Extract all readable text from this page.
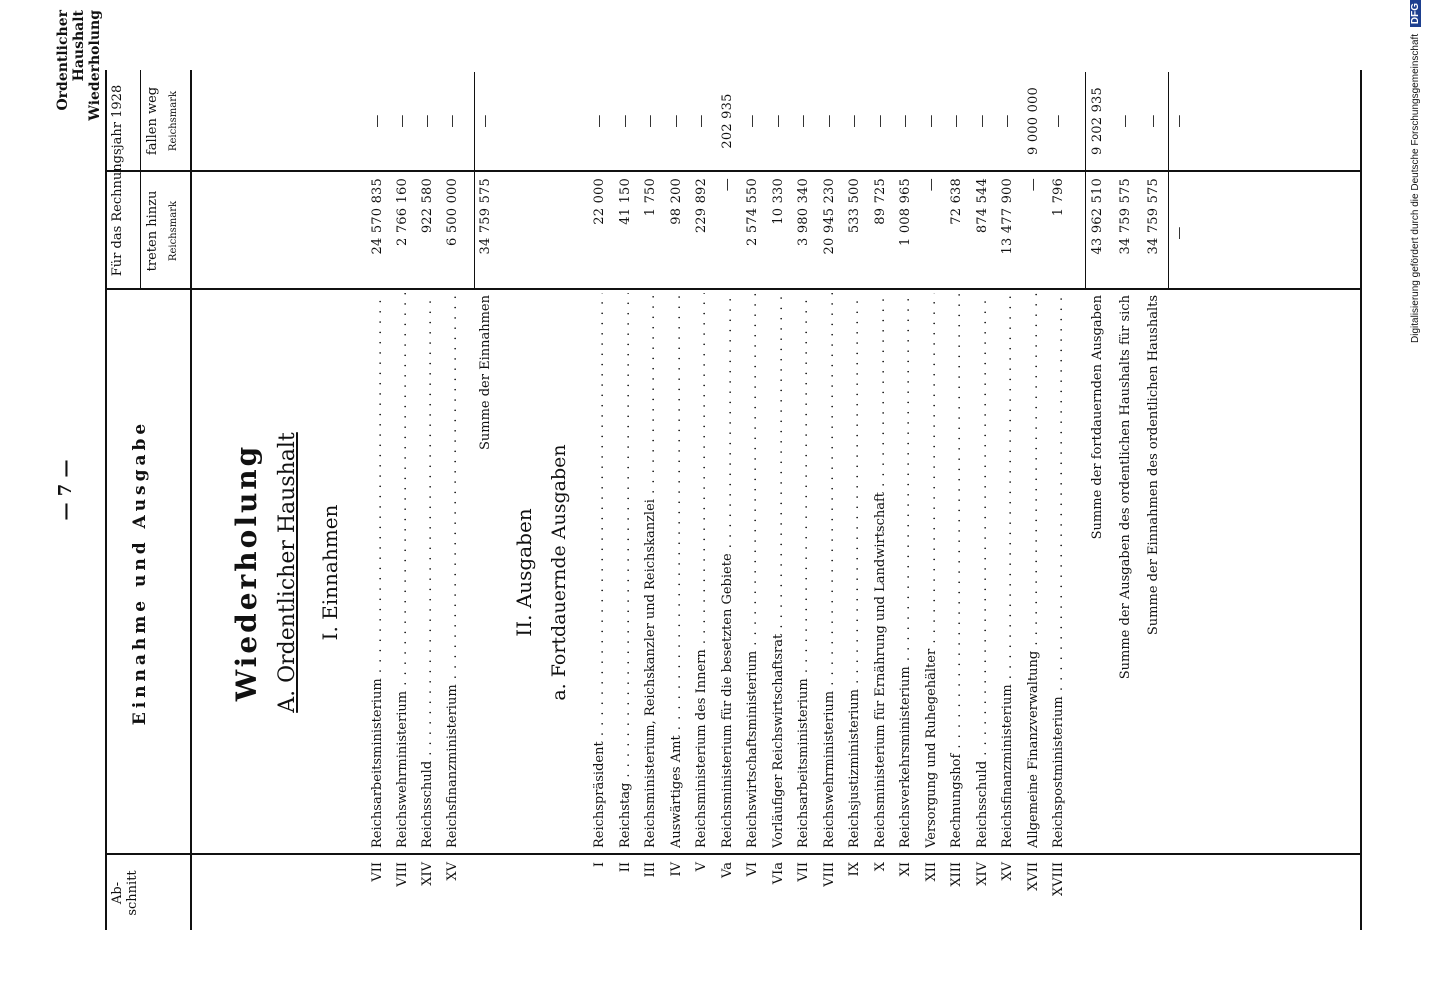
Ordentlicher Haushalt Wiederholung
— 7 —
Ab-
schnitt
Einnahme und Ausgabe
Für das Rechnungsjahr 1928 treten hinzu
fallen weg
Reichsmark
Reichsmark
Wiederholung A. Ordentlicher Haushalt I. Einnahmen
VII
Reichsarbeitsministerium . . .
24 570 835
—
VIII
Reichswehrministerium . . .
2 766 160
—
XIV
Reichsschuld . . .
922 580
—
XV
Reichsfinanzministerium . . .
6 500 000
—
Summe der Einnahmen
34 759 575
—
II. Ausgaben a. Fortdauernde Ausgaben
I
Reichspräsident . . .
22 000
—
II
Reichstag . . .
41 150
—
III
Reichsministerium, Reichskanzler und Reichskanzlei . . .
1 750
—
IV
Auswärtiges Amt . . .
98 200
—
V
Reichsministerium des Innern . . .
229 892
—
Va
Reichsministerium für die besetzten Gebiete . . .
—
202 935
VI
Reichswirtschaftsministerium . . .
2 574 550
—
VIa
Vorläufiger Reichswirtschaftsrat . . .
10 330
—
VII
Reichsarbeitsministerium . . .
3 980 340
—
VIII
Reichswehrministerium . . .
20 945 230
—
IX
Reichsjustizministerium . . .
533 500
—
X
Reichsministerium für Ernährung und Landwirtschaft . . .
89 725
—
XI
Reichsverkehrsministerium . . .
1 008 965
—
XII
Versorgung und Ruhegehälter . . .
—
—
XIII
Rechnungshof . . .
72 638
—
XIV
Reichsschuld . . .
874 544
—
XV
Reichsfinanzministerium . . .
13 477 900
—
XVII
Allgemeine Finanzverwaltung . . .
—
9 000 000
XVIII
Reichspostministerium . . .
1 796
—
Summe der fortdauernden Ausgaben
43 962 510
9 202 935
Summe der Ausgaben des ordentlichen Haushalts für sich
34 759 575
—
Summe der Einnahmen des ordentlichen Haushalts
34 759 575
—
—
—	Digitalisierung gefördert durch die Deutsche Forschungsgemeinschaft DFG
